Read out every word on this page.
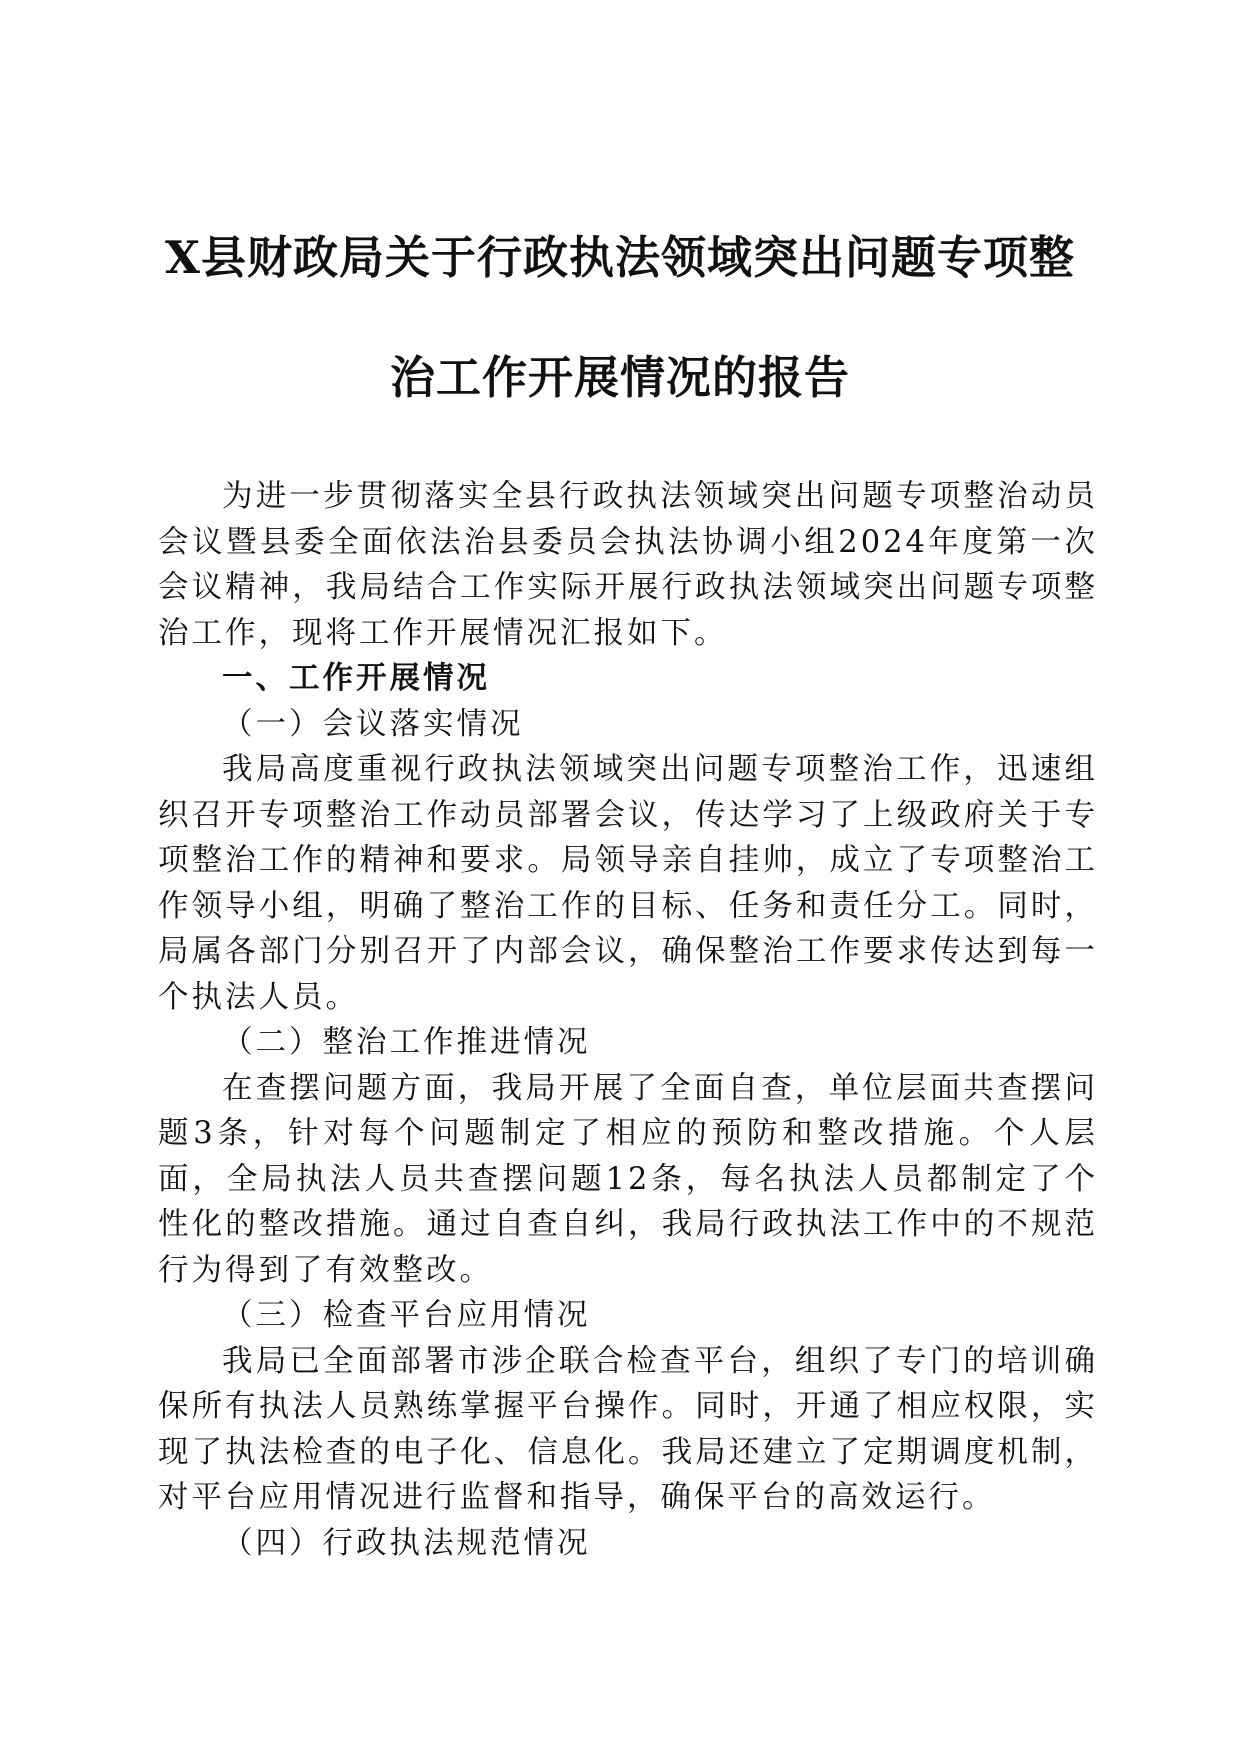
X县财政局关于行政执法领域突出问题专项整
治工作开展情况的报告

为进一步贯彻落实全县行政执法领域突出问题专项整治动员会议暨县委全面依法治县委员会执法协调小组2024年度第一次会议精神，我局结合工作实际开展行政执法领域突出问题专项整治工作，现将工作开展情况汇报如下。

一、工作开展情况

（一）会议落实情况

我局高度重视行政执法领域突出问题专项整治工作，迅速组织召开专项整治工作动员部署会议，传达学习了上级政府关于专项整治工作的精神和要求。局领导亲自挂帅，成立了专项整治工作领导小组，明确了整治工作的目标、任务和责任分工。同时，局属各部门分别召开了内部会议，确保整治工作要求传达到每一个执法人员。

（二）整治工作推进情况

在查摆问题方面，我局开展了全面自查，单位层面共查摆问题3条，针对每个问题制定了相应的预防和整改措施。个人层面，全局执法人员共查摆问题12条，每名执法人员都制定了个性化的整改措施。通过自查自纠，我局行政执法工作中的不规范行为得到了有效整改。

（三）检查平台应用情况

我局已全面部署市涉企联合检查平台，组织了专门的培训确保所有执法人员熟练掌握平台操作。同时，开通了相应权限，实现了执法检查的电子化、信息化。我局还建立了定期调度机制，对平台应用情况进行监督和指导，确保平台的高效运行。

（四）行政执法规范情况
